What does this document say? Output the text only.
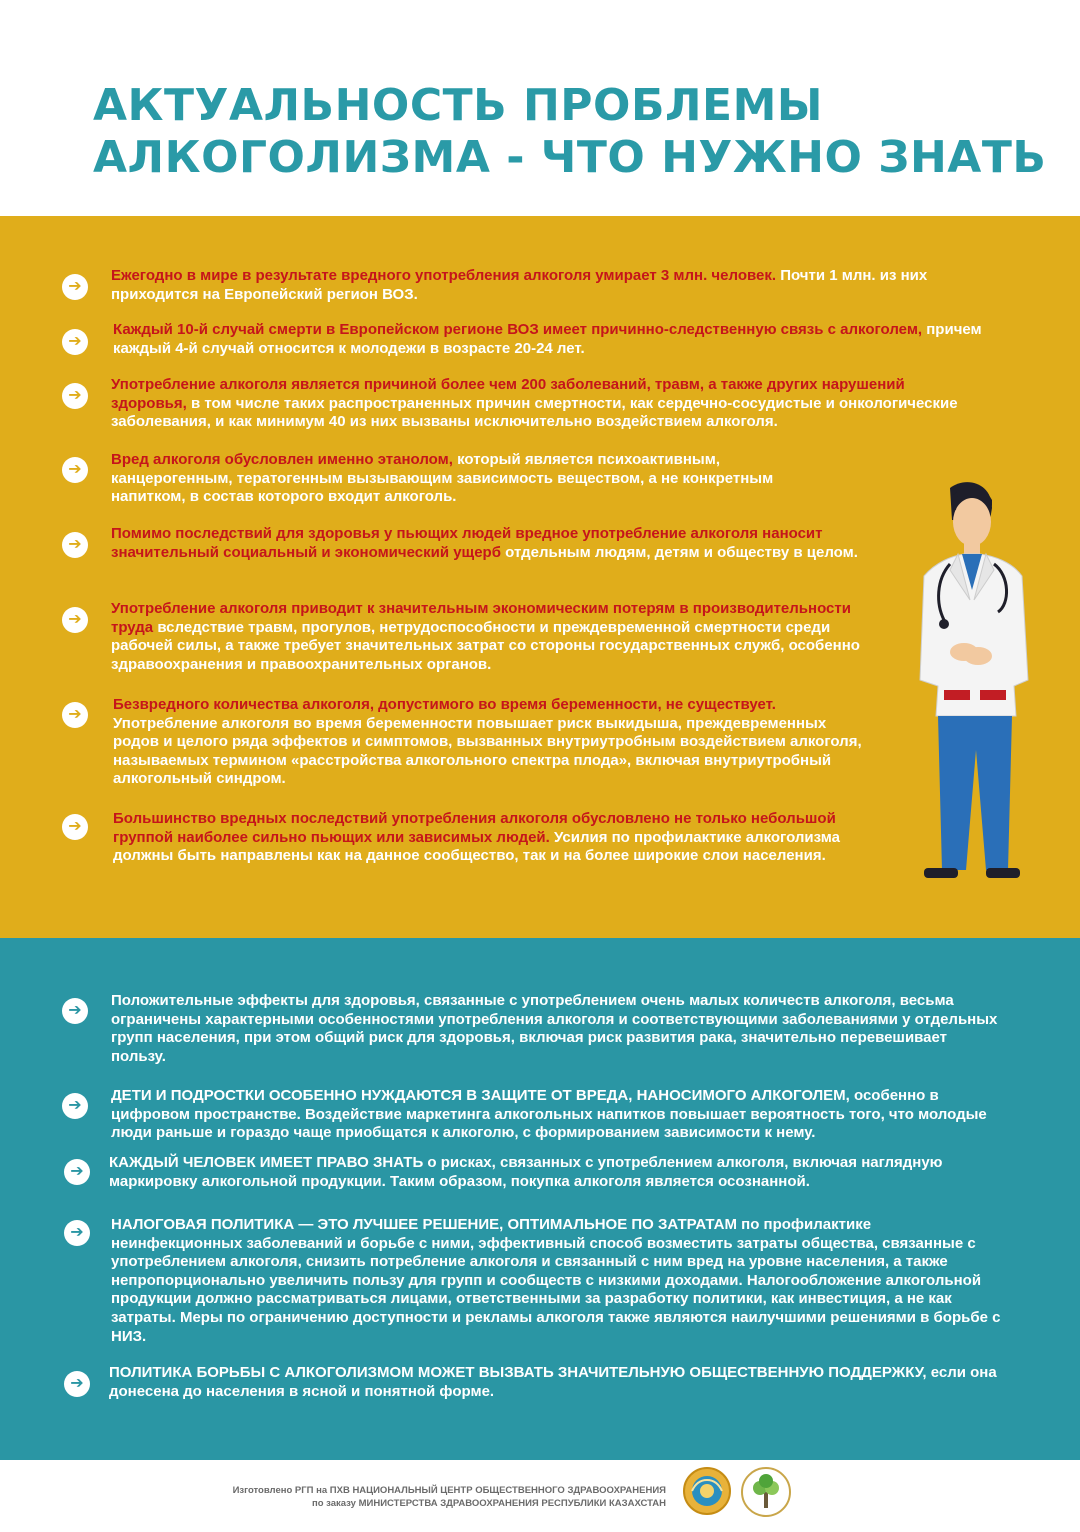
АКТУАЛЬНОСТЬ ПРОБЛЕМЫ
АЛКОГОЛИЗМА - ЧТО НУЖНО ЗНАТЬ
➔
Ежегодно в мире в результате вредного употребления алкоголя умирает 3 млн. человек. Почти 1 млн. из них приходится на Европейский регион ВОЗ.
➔
Каждый 10-й случай смерти в Европейском регионе ВОЗ имеет причинно-следственную связь с алкоголем, причем каждый 4-й случай относится к молодежи в возрасте 20-24 лет.
➔
Употребление алкоголя является причиной более чем 200 заболеваний, травм, а также других нарушений здоровья, в том числе таких распространенных причин смертности, как сердечно-сосудистые и онкологические заболевания, и как минимум 40 из них вызваны исключительно воздействием алкоголя.
➔
Вред алкоголя обусловлен именно этанолом, который является психоактивным, канцерогенным, тератогенным вызывающим зависимость веществом, а не конкретным напитком, в состав которого входит алкоголь.
➔
Помимо последствий для здоровья у пьющих людей вредное употребление алкоголя наносит значительный социальный и экономический ущерб отдельным людям, детям и обществу в целом.
➔
Употребление алкоголя приводит к значительным экономическим потерям в производительности труда вследствие травм, прогулов, нетрудоспособности и преждевременной смертности среди рабочей силы, а также требует значительных затрат со стороны государственных служб, особенно здравоохранения и правоохранительных органов.
➔
Безвредного количества алкоголя, допустимого во время беременности, не существует. Употребление алкоголя во время беременности повышает риск выкидыша, преждевременных родов и целого ряда эффектов и симптомов, вызванных внутриутробным воздействием алкоголя, называемых термином «расстройства алкогольного спектра плода», включая внутриутробный алкогольный синдром.
➔	Большинство вредных последствий употребления алкоголя обусловлено не только небольшой группой наиболее сильно пьющих или зависимых людей. Усилия по профилактике алкоголизма должны быть направлены как на данное сообщество, так и на более широкие слои населения.
➔
Положительные эффекты для здоровья, связанные с употреблением очень малых количеств алкоголя, весьма ограничены характерными особенностями употребления алкоголя и соответствующими заболеваниями у отдельных групп населения, при этом общий риск для здоровья, включая риск развития рака, значительно перевешивает пользу.
➔
ДЕТИ И ПОДРОСТКИ ОСОБЕННО НУЖДАЮТСЯ В ЗАЩИТЕ ОТ ВРЕДА, НАНОСИМОГО АЛКОГОЛЕМ, особенно в цифровом пространстве. Воздействие маркетинга алкогольных напитков повышает вероятность того, что молодые люди раньше и гораздо чаще приобщатся к алкоголю, с формированием зависимости к нему.
➔
КАЖДЫЙ ЧЕЛОВЕК ИМЕЕТ ПРАВО ЗНАТЬ о рисках, связанных с употреблением алкоголя, включая наглядную маркировку алкогольной продукции. Таким образом, покупка алкоголя является осознанной.
➔	НАЛОГОВАЯ ПОЛИТИКА — ЭТО ЛУЧШЕЕ РЕШЕНИЕ, ОПТИМАЛЬНОЕ ПО ЗАТРАТАМ по профилактике неинфекционных заболеваний и борьбе с ними, эффективный способ возместить затраты общества, связанные с употреблением алкоголя, снизить потребление алкоголя и связанный с ним вред на уровне населения, а также непропорционально увеличить пользу для групп и сообществ с низкими доходами. Налогообложение алкогольной продукции должно рассматриваться лицами, ответственными за разработку политики, как инвестиция, а не как затраты. Меры по ограничению доступности и рекламы алкоголя также являются наилучшими решениями в борьбе с НИЗ.
➔
ПОЛИТИКА БОРЬБЫ С АЛКОГОЛИЗМОМ МОЖЕТ ВЫЗВАТЬ ЗНАЧИТЕЛЬНУЮ ОБЩЕСТВЕННУЮ ПОДДЕРЖКУ, если она донесена до населения в ясной и понятной форме.
Изготовлено РГП на ПХВ НАЦИОНАЛЬНЫЙ ЦЕНТР ОБЩЕСТВЕННОГО ЗДРАВООХРАНЕНИЯ
по заказу МИНИСТЕРСТВА ЗДРАВООХРАНЕНИЯ РЕСПУБЛИКИ КАЗАХСТАН
